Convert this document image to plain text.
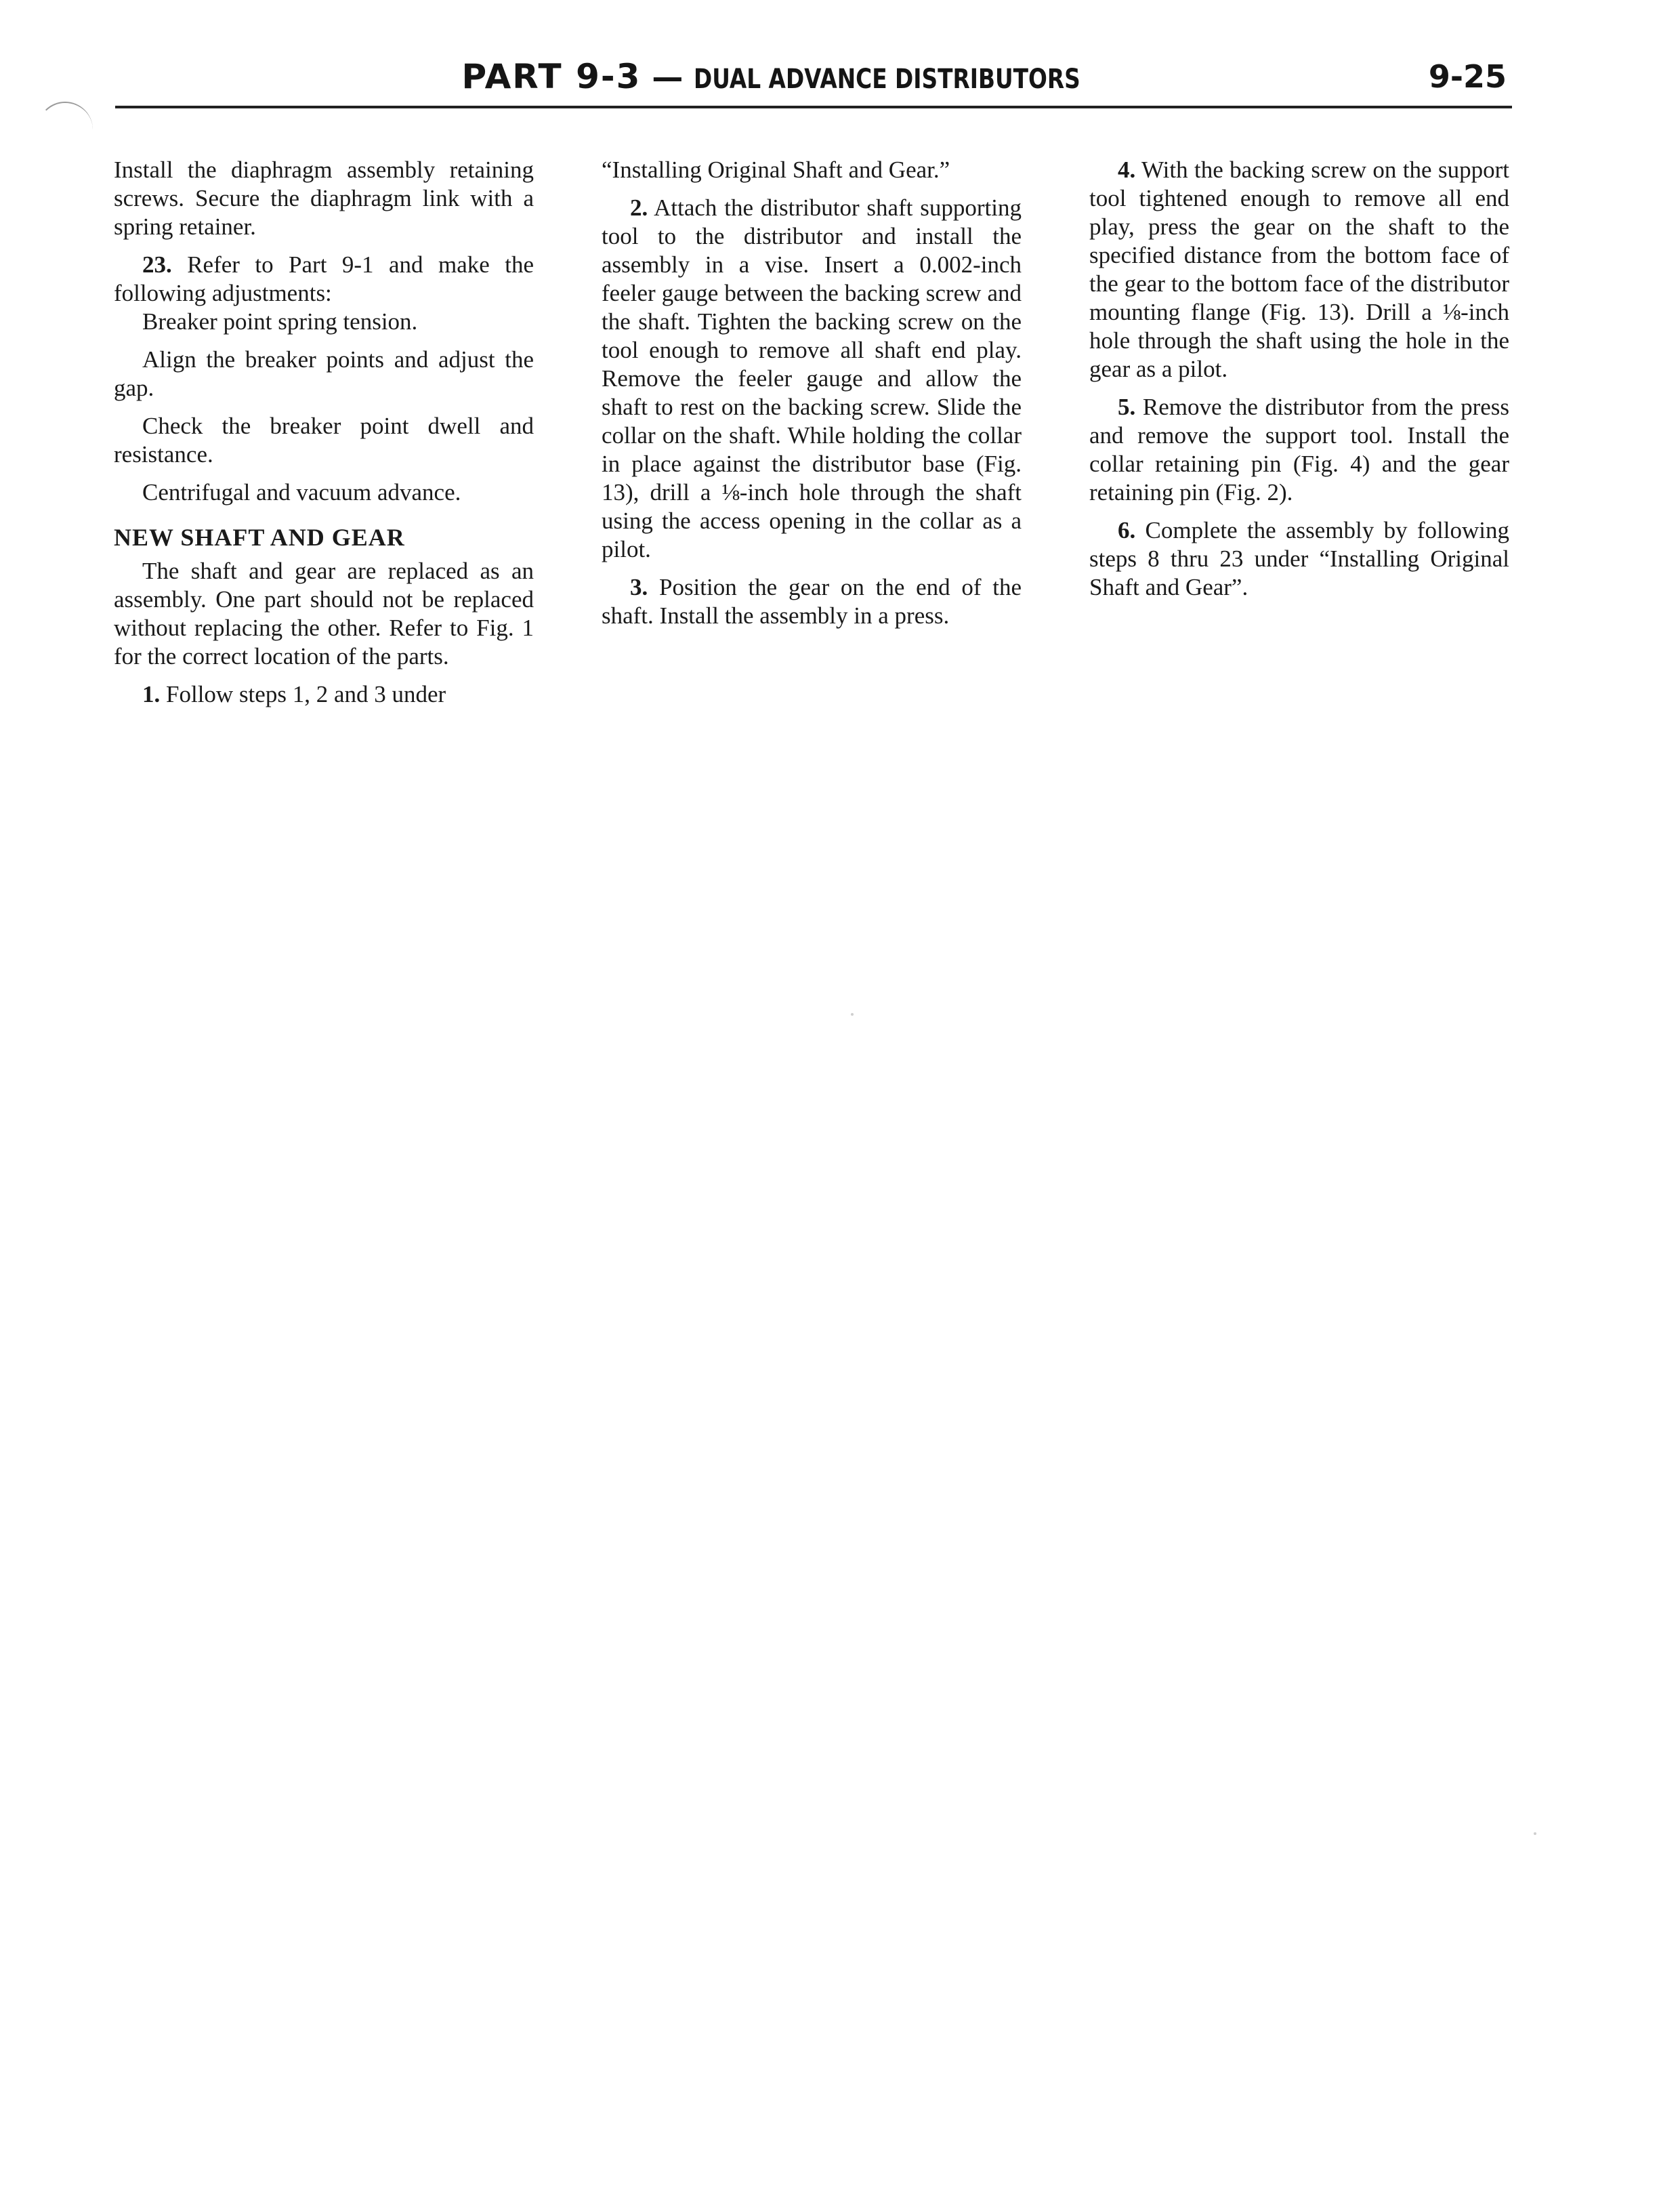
PART 9-3 — DUAL ADVANCE DISTRIBUTORS	9-25

Install the diaphragm assembly retaining screws. Secure the diaphragm link with a spring retainer.

23. Refer to Part 9-1 and make the following adjustments:

Breaker point spring tension.

Align the breaker points and adjust the gap.

Check the breaker point dwell and resistance.

Centrifugal and vacuum advance.

NEW SHAFT AND GEAR

The shaft and gear are replaced as an assembly. One part should not be replaced without replacing the other. Refer to Fig. 1 for the correct location of the parts.

1. Follow steps 1, 2 and 3 under

“Installing Original Shaft and Gear.”

2. Attach the distributor shaft supporting tool to the distributor and install the assembly in a vise. Insert a 0.002-inch feeler gauge between the backing screw and the shaft. Tighten the backing screw on the tool enough to remove all shaft end play. Remove the feeler gauge and allow the shaft to rest on the backing screw. Slide the collar on the shaft. While holding the collar in place against the distributor base (Fig. 13), drill a ⅛-inch hole through the shaft using the access opening in the collar as a pilot.

3. Position the gear on the end of the shaft. Install the assembly in a press.

4. With the backing screw on the support tool tightened enough to remove all end play, press the gear on the shaft to the specified distance from the bottom face of the gear to the bottom face of the distributor mounting flange (Fig. 13). Drill a ⅛-inch hole through the shaft using the hole in the gear as a pilot.

5. Remove the distributor from the press and remove the support tool. Install the collar retaining pin (Fig. 4) and the gear retaining pin (Fig. 2).

6. Complete the assembly by following steps 8 thru 23 under “Installing Original Shaft and Gear”.
